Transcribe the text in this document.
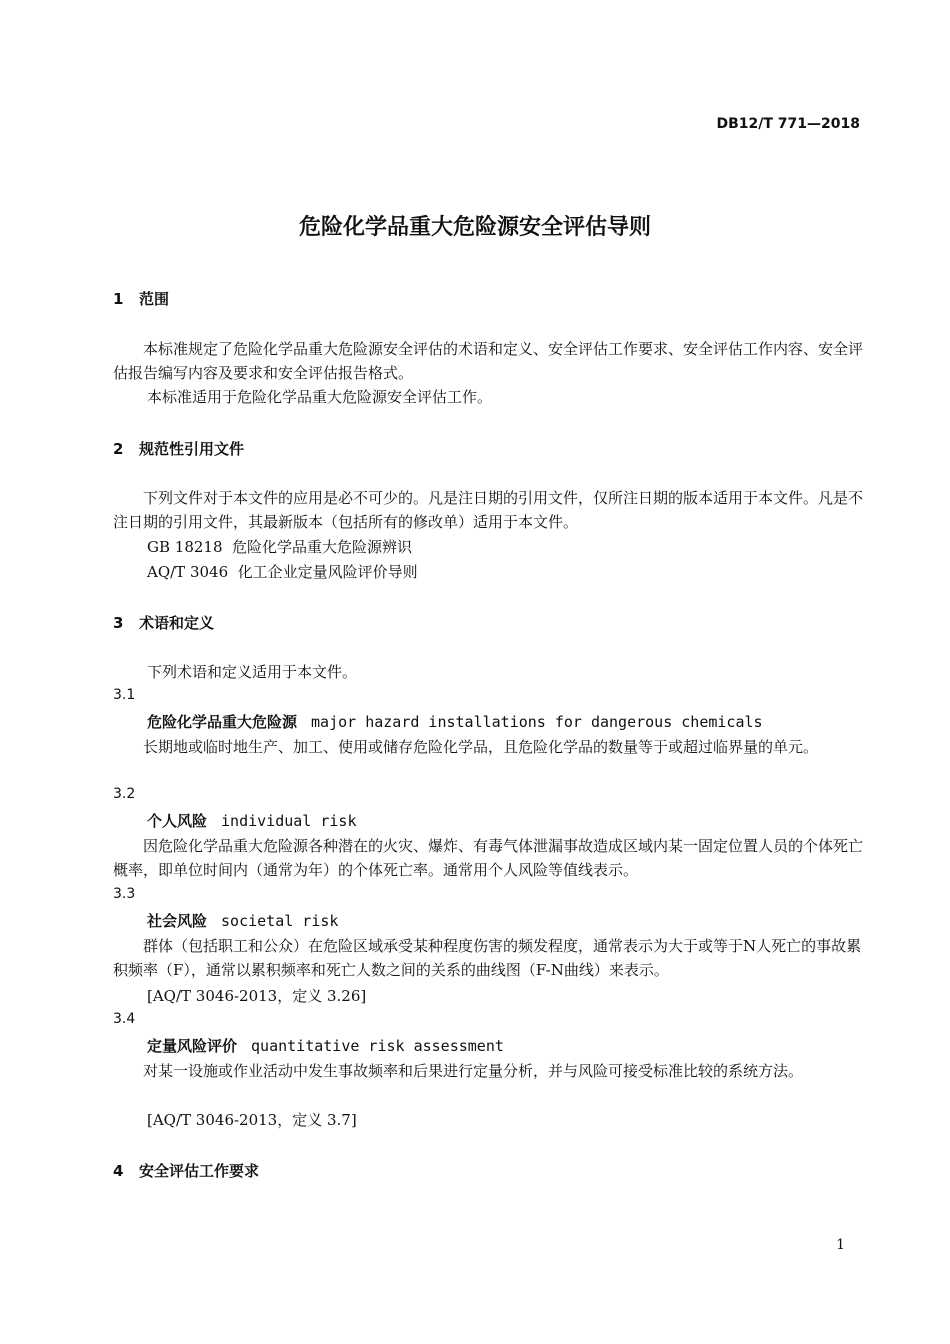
DB12/T 771—2018
危险化学品重大危险源安全评估导则
1 范围
本标准规定了危险化学品重大危险源安全评估的术语和定义、安全评估工作要求、安全评估工作内容、安全评估报告编写内容及要求和安全评估报告格式。
本标准适用于危险化学品重大危险源安全评估工作。
2 规范性引用文件
下列文件对于本文件的应用是必不可少的。凡是注日期的引用文件，仅所注日期的版本适用于本文件。凡是不注日期的引用文件，其最新版本（包括所有的修改单）适用于本文件。
GB 18218  危险化学品重大危险源辨识
AQ/T 3046  化工企业定量风险评价导则
3 术语和定义
下列术语和定义适用于本文件。
3.1
危险化学品重大危险源 major hazard installations for dangerous chemicals
长期地或临时地生产、加工、使用或储存危险化学品，且危险化学品的数量等于或超过临界量的单元。
3.2
个人风险 individual risk
因危险化学品重大危险源各种潜在的火灾、爆炸、有毒气体泄漏事故造成区域内某一固定位置人员的个体死亡概率，即单位时间内（通常为年）的个体死亡率。通常用个人风险等值线表示。
3.3
社会风险 societal risk
群体（包括职工和公众）在危险区域承受某种程度伤害的频发程度，通常表示为大于或等于N人死亡的事故累积频率（F），通常以累积频率和死亡人数之间的关系的曲线图（F-N曲线）来表示。
[AQ/T 3046-2013，定义 3.26]
3.4
定量风险评价 quantitative risk assessment
对某一设施或作业活动中发生事故频率和后果进行定量分析，并与风险可接受标准比较的系统方法。
[AQ/T 3046-2013，定义 3.7]
4 安全评估工作要求
1
